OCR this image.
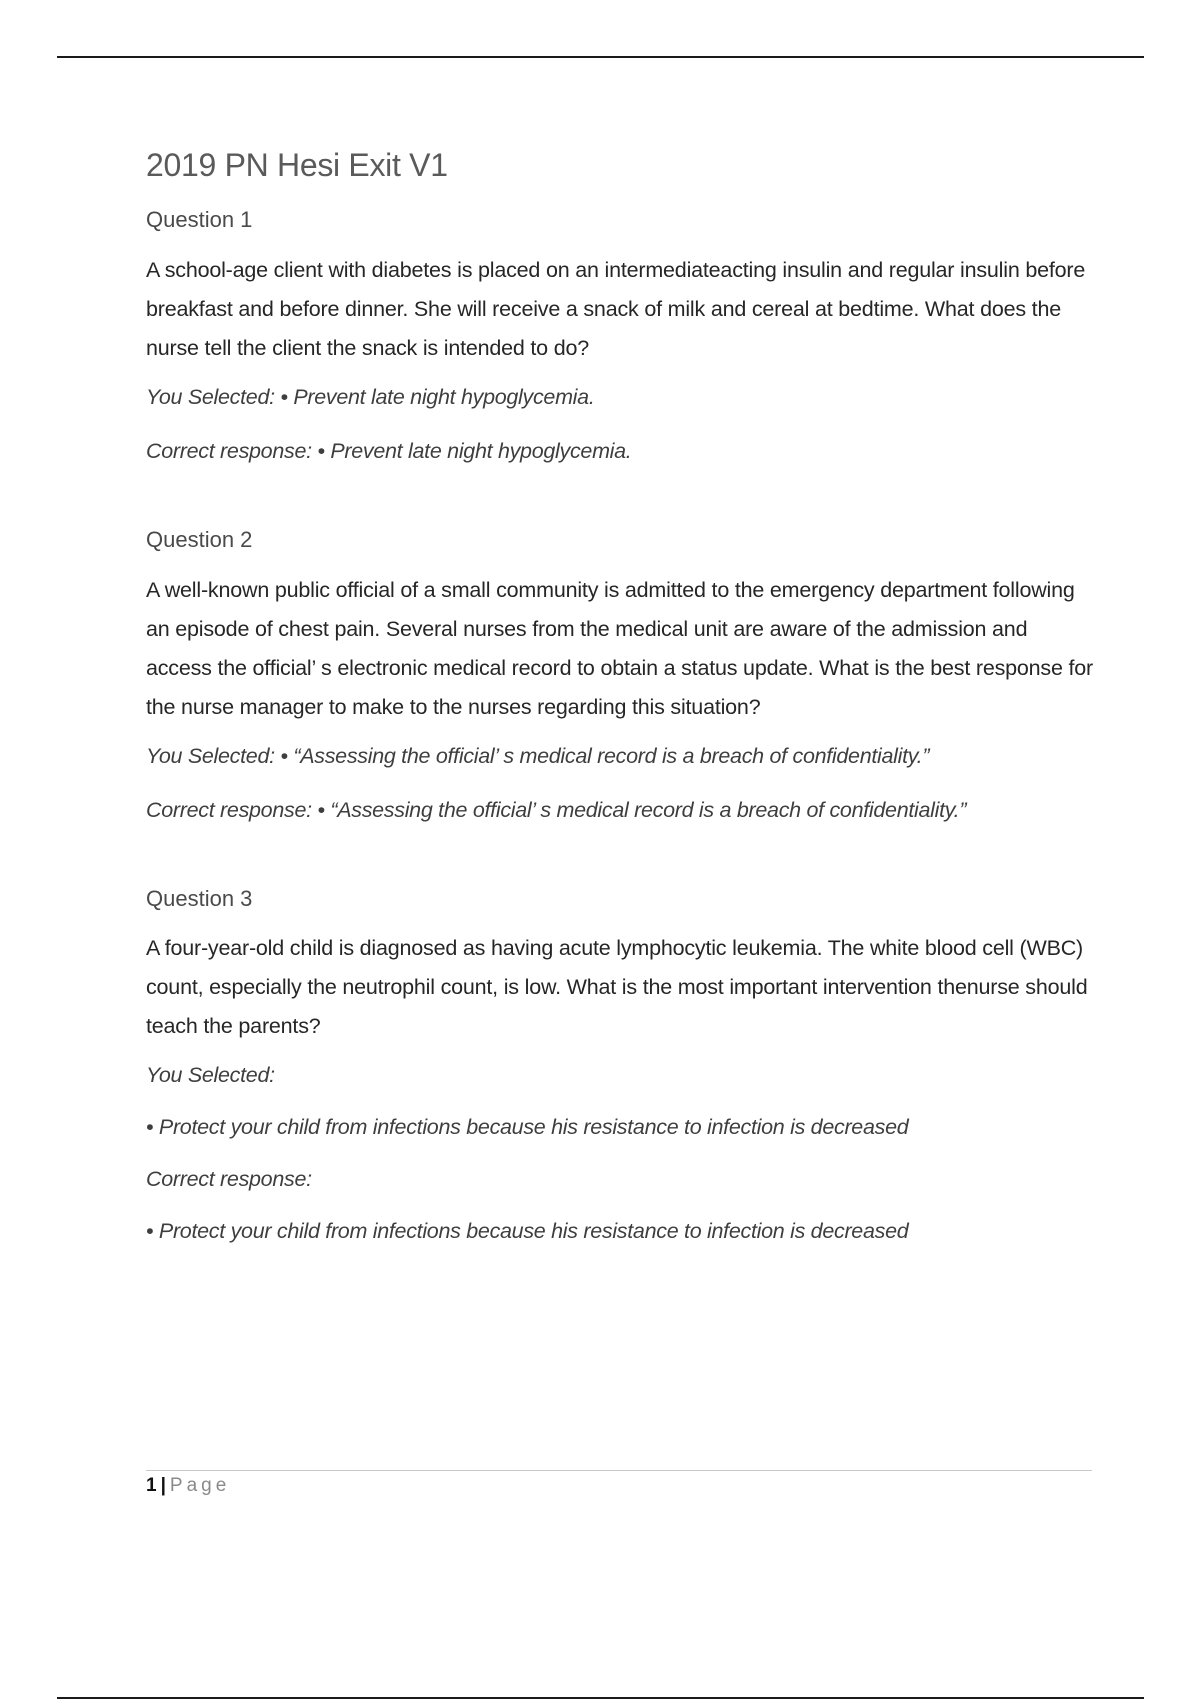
2019 PN Hesi Exit V1
Question 1

A school-age client with diabetes is placed on an intermediateacting insulin and regular insulin before breakfast and before dinner. She will receive a snack of milk and cereal at bedtime. What does the nurse tell the client the snack is intended to do?

You Selected: • Prevent late night hypoglycemia.

Correct response: • Prevent late night hypoglycemia.

Question 2

A well-known public official of a small community is admitted to the emergency department following an episode of chest pain. Several nurses from the medical unit are aware of the admission and access the official’ s electronic medical record to obtain a status update. What is the best response for the nurse manager to make to the nurses regarding this situation?

You Selected: • “Assessing the official’ s medical record is a breach of confidentiality.”

Correct response: • “Assessing the official’ s medical record is a breach of confidentiality.”

Question 3

A four-year-old child is diagnosed as having acute lymphocytic leukemia. The white blood cell (WBC) count, especially the neutrophil count, is low. What is the most important intervention thenurse should teach the parents?

You Selected:

• Protect your child from infections because his resistance to infection is decreased

Correct response:

• Protect your child from infections because his resistance to infection is decreased

1 | Page
